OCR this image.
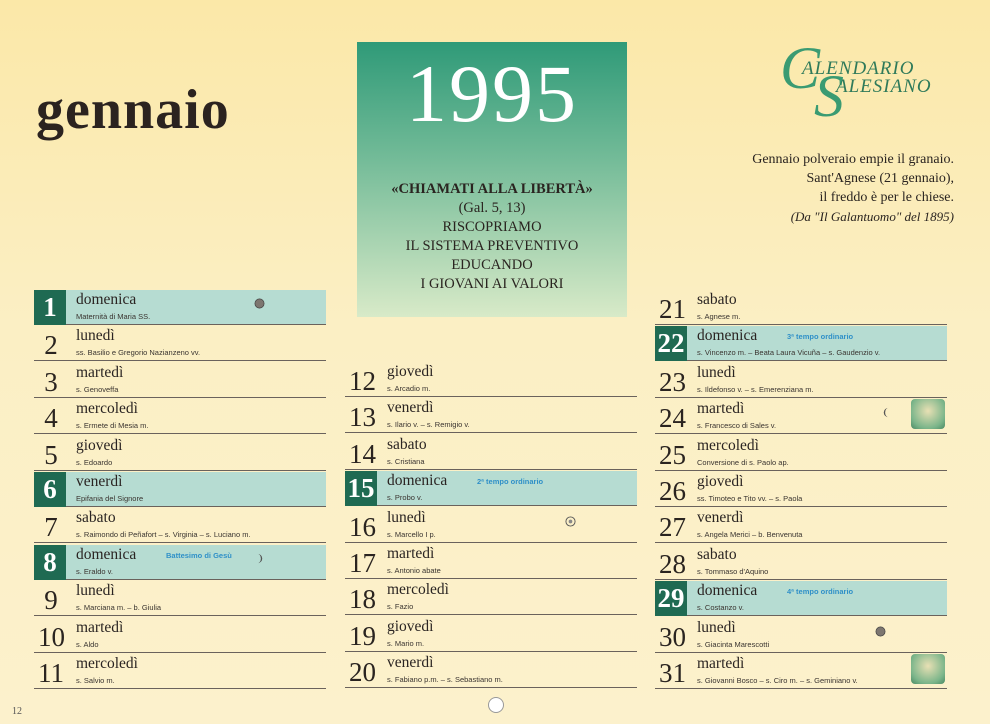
gennaio	1995
«CHIAMATI ALLA LIBERTÀ»
(Gal. 5, 13)
RISCOPRIAMO
IL SISTEMA PREVENTIVO
EDUCANDO
I GIOVANI AI VALORI
C
ALENDARIO
S
ALESIANO
Gennaio polveraio empie il granaio.
Sant'Agnese (21 gennaio),
il freddo è per le chiese.
(Da "Il Galantuomo" del 1895)
1	domenica
Maternità di Maria SS.
2	lunedì
ss. Basilio e Gregorio Nazianzeno vv.
3	martedì
s. Genoveffa
4	mercoledì
s. Ermete di Mesia m.
5	giovedì
s. Edoardo
6	venerdì
Epifania del Signore
7	sabato
s. Raimondo di Peñafort – s. Virginia – s. Luciano m.
8	domenica
s. Eraldo v.
Battesimo di Gesù
9	lunedì
s. Marciana m. – b. Giulia
10 martedì
s. Aldo
11 mercoledì
s. Salvio m.
12 giovedì
s. Arcadio m.
13 venerdì
s. Ilario v. – s. Remigio v.
14 sabato
s. Cristiana
15 domenica
s. Probo v.
2ª tempo ordinario
16 lunedì
s. Marcello I p.
17 martedì
s. Antonio abate
18 mercoledì
s. Fazio
19 giovedì
s. Mario m.
20 venerdì
s. Fabiano p.m. – s. Sebastiano m.
21 sabato
s. Agnese m.
22 domenica
s. Vincenzo m. – Beata Laura Vicuña – s. Gaudenzio v.
3ª tempo ordinario
23 lunedì
s. Ildefonso v. – s. Emerenziana m.
24 martedì
s. Francesco di Sales v.
25 mercoledì
Conversione di s. Paolo ap.
26 giovedì
ss. Timoteo e Tito vv. – s. Paola
27 venerdì
s. Angela Merici – b. Benvenuta
28 sabato
s. Tommaso d'Aquino
29 domenica
s. Costanzo v.
4ª tempo ordinario
30 lunedì
s. Giacinta Marescotti
31 martedì
s. Giovanni Bosco – s. Ciro m. – s. Geminiano v.
12
